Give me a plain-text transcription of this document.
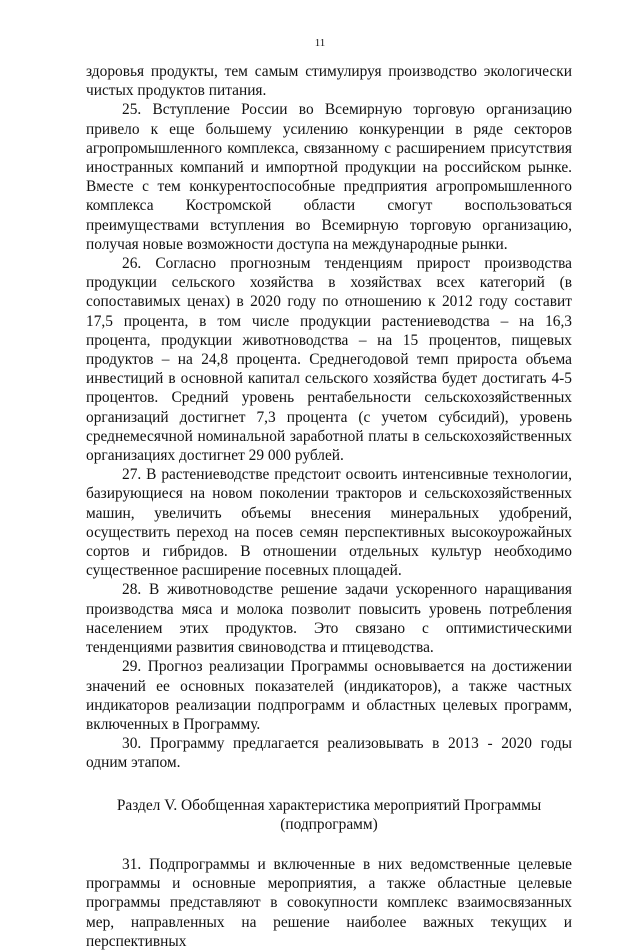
11

здоровья продукты, тем самым стимулируя производство экологически чистых продуктов питания.

25. Вступление России во Всемирную торговую организацию привело к еще большему усилению конкуренции в ряде секторов агропромышленного комплекса, связанному с расширением присутствия иностранных компаний и импортной продукции на российском рынке. Вместе с тем конкурентоспособные предприятия агропромышленного комплекса Костромской области смогут воспользоваться преимуществами вступления во Всемирную торговую организацию, получая новые возможности доступа на международные рынки.

26. Согласно прогнозным тенденциям прирост производства продукции сельского хозяйства в хозяйствах всех категорий (в сопоставимых ценах) в 2020 году по отношению к 2012 году составит 17,5 процента, в том числе продукции растениеводства – на 16,3 процента, продукции животноводства – на 15 процентов, пищевых продуктов – на 24,8 процента. Среднегодовой темп прироста объема инвестиций в основной капитал сельского хозяйства будет достигать 4-5 процентов. Средний уровень рентабельности сельскохозяйственных организаций достигнет 7,3 процента (с учетом субсидий), уровень среднемесячной номинальной заработной платы в сельскохозяйственных организациях достигнет 29 000 рублей.

27. В растениеводстве предстоит освоить интенсивные технологии, базирующиеся на новом поколении тракторов и сельскохозяйственных машин, увеличить объемы внесения минеральных удобрений, осуществить переход на посев семян перспективных высокоурожайных сортов и гибридов. В отношении отдельных культур необходимо существенное расширение посевных площадей.

28. В животноводстве решение задачи ускоренного наращивания производства мяса и молока позволит повысить уровень потребления населением этих продуктов. Это связано с оптимистическими тенденциями развития свиноводства и птицеводства.

29. Прогноз реализации Программы основывается на достижении значений ее основных показателей (индикаторов), а также частных индикаторов реализации подпрограмм и областных целевых программ, включенных в Программу.

30. Программу предлагается реализовывать в 2013 - 2020 годы одним этапом.

Раздел V. Обобщенная характеристика мероприятий Программы
(подпрограмм)

31. Подпрограммы и включенные в них ведомственные целевые программы и основные мероприятия, а также областные целевые программы представляют в совокупности комплекс взаимосвязанных мер, направленных на решение наиболее важных текущих и перспективных
